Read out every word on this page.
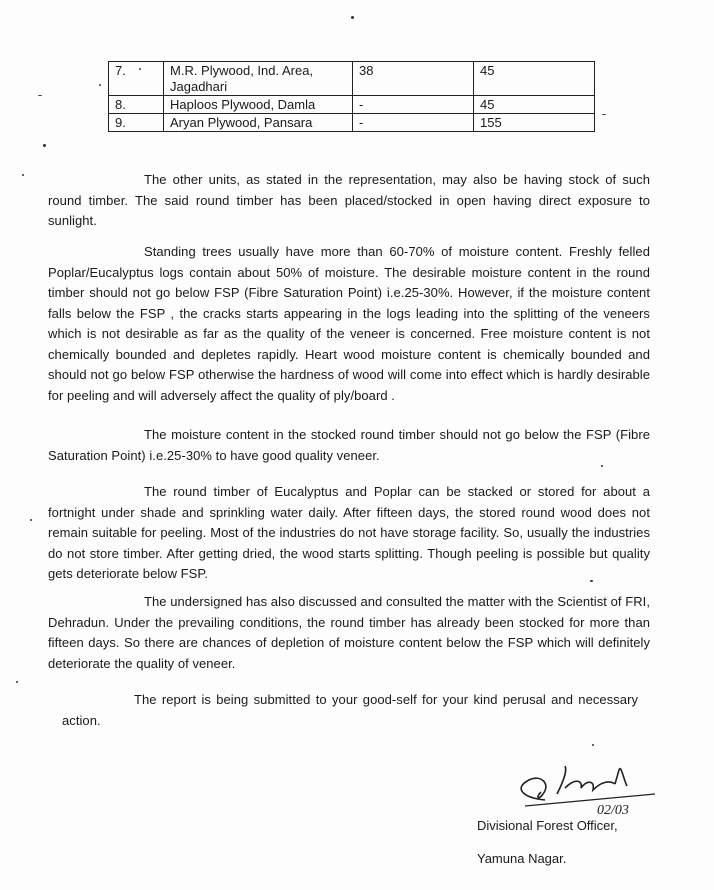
7.	M.R. Plywood, Ind. Area, Jagadhari	38	45
8.	Haploos Plywood, Damla	-	45
9.	Aryan Plywood, Pansara	-	155

The other units, as stated in the representation, may also be having stock of such round timber. The said round timber has been placed/stocked in open having direct exposure to sunlight.

Standing trees usually have more than 60-70% of moisture content. Freshly felled Poplar/Eucalyptus logs contain about 50% of moisture. The desirable moisture content in the round timber should not go below FSP (Fibre Saturation Point) i.e.25-30%. However, if the moisture content falls below the FSP , the cracks starts appearing in the logs leading into the splitting of the veneers which is not desirable as far as the quality of the veneer is concerned. Free moisture content is not chemically bounded and depletes rapidly. Heart wood moisture content is chemically bounded and should not go below FSP otherwise the hardness of wood will come into effect which is hardly desirable for peeling and will adversely affect the quality of ply/board .

The moisture content in the stocked round timber should not go below the FSP (Fibre Saturation Point) i.e.25-30% to have good quality veneer.

The round timber of Eucalyptus and Poplar can be stacked or stored for about a fortnight under shade and sprinkling water daily. After fifteen days, the stored round wood does not remain suitable for peeling. Most of the industries do not have storage facility. So, usually the industries do not store timber. After getting dried, the wood starts splitting. Though peeling is possible but quality gets deteriorate below FSP.

The undersigned has also discussed and consulted the matter with the Scientist of FRI, Dehradun. Under the prevailing conditions, the round timber has already been stocked for more than fifteen days. So there are chances of depletion of moisture content below the FSP which will definitely deteriorate the quality of veneer.

The report is being submitted to your good-self for your kind perusal and necessary action.

02/03
Divisional Forest Officer,
Yamuna Nagar.
